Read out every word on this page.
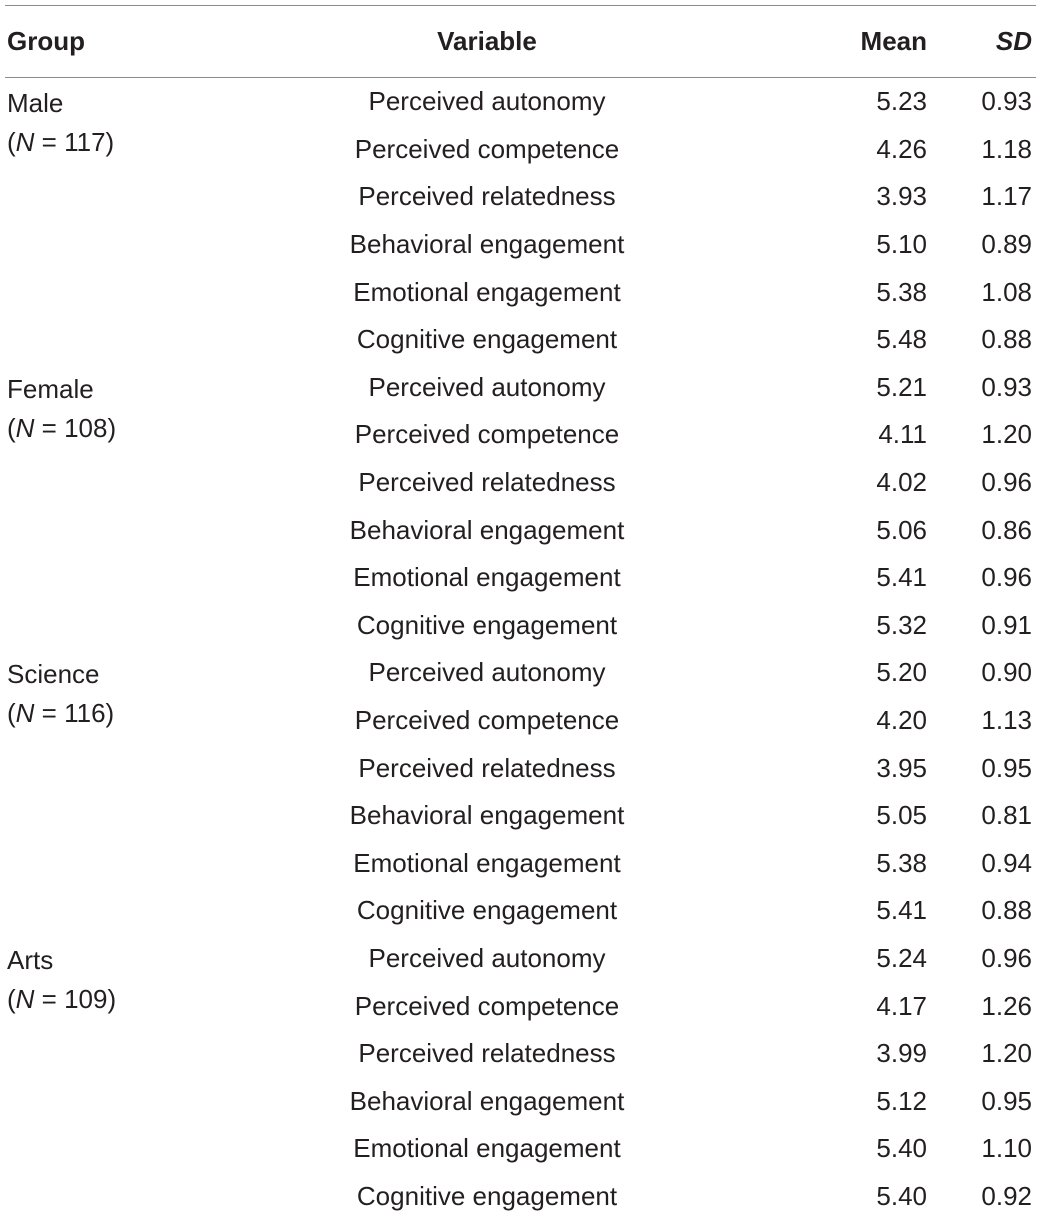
Group	Variable	Mean	SD

Male
(N = 117)	Perceived autonomy	5.23	0.93
	Perceived competence	4.26	1.18
	Perceived relatedness	3.93	1.17
	Behavioral engagement	5.10	0.89
	Emotional engagement	5.38	1.08
	Cognitive engagement	5.48	0.88

Female
(N = 108)	Perceived autonomy	5.21	0.93
	Perceived competence	4.11	1.20
	Perceived relatedness	4.02	0.96
	Behavioral engagement	5.06	0.86
	Emotional engagement	5.41	0.96
	Cognitive engagement	5.32	0.91

Science
(N = 116)	Perceived autonomy	5.20	0.90
	Perceived competence	4.20	1.13
	Perceived relatedness	3.95	0.95
	Behavioral engagement	5.05	0.81
	Emotional engagement	5.38	0.94
	Cognitive engagement	5.41	0.88

Arts
(N = 109)	Perceived autonomy	5.24	0.96
	Perceived competence	4.17	1.26
	Perceived relatedness	3.99	1.20
	Behavioral engagement	5.12	0.95
	Emotional engagement	5.40	1.10
	Cognitive engagement	5.40	0.92
